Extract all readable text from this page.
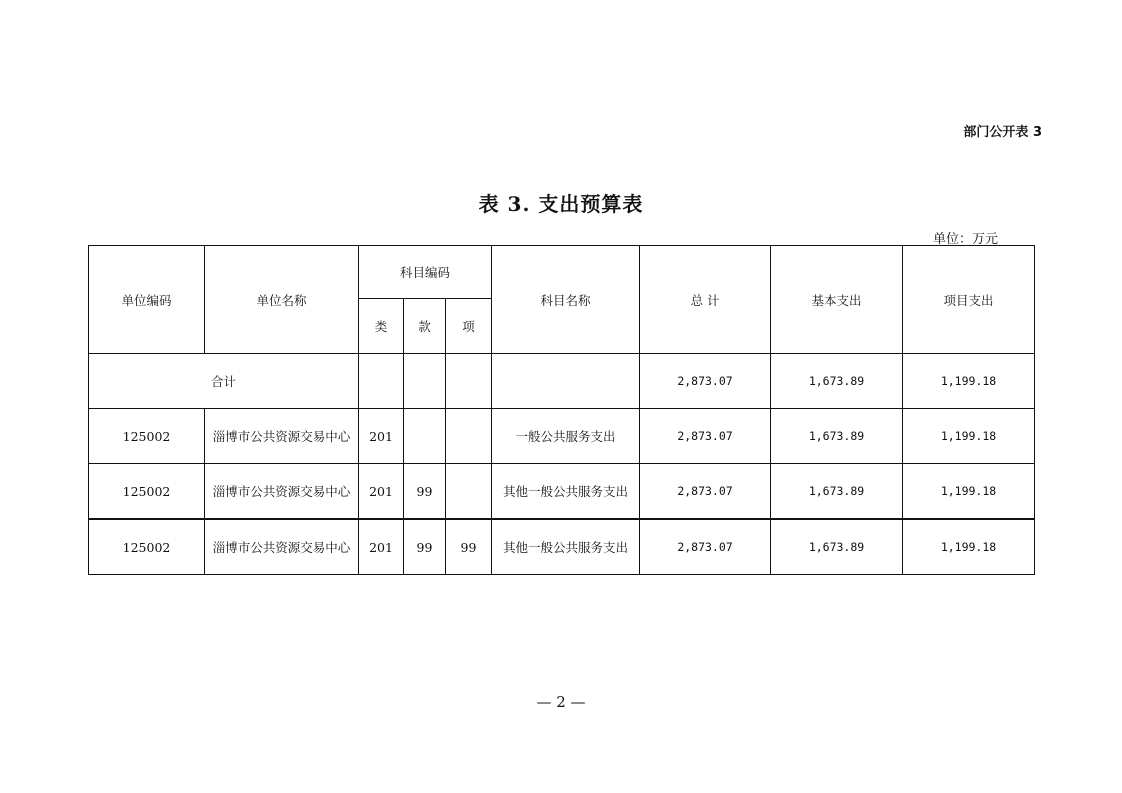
部门公开表 3
表 3. 支出预算表
单位：万元
单位编码	单位名称	科目编码			科目名称	总 计	基本支出	项目支出
		类	款	项				
合计						2,873.07	1,673.89	1,199.18
125002	淄博市公共资源交易中心	201			一般公共服务支出	2,873.07	1,673.89	1,199.18
125002	淄博市公共资源交易中心	201	99		其他一般公共服务支出	2,873.07	1,673.89	1,199.18
125002	淄博市公共资源交易中心	201	99	99	其他一般公共服务支出	2,873.07	1,673.89	1,199.18
— 2 —
